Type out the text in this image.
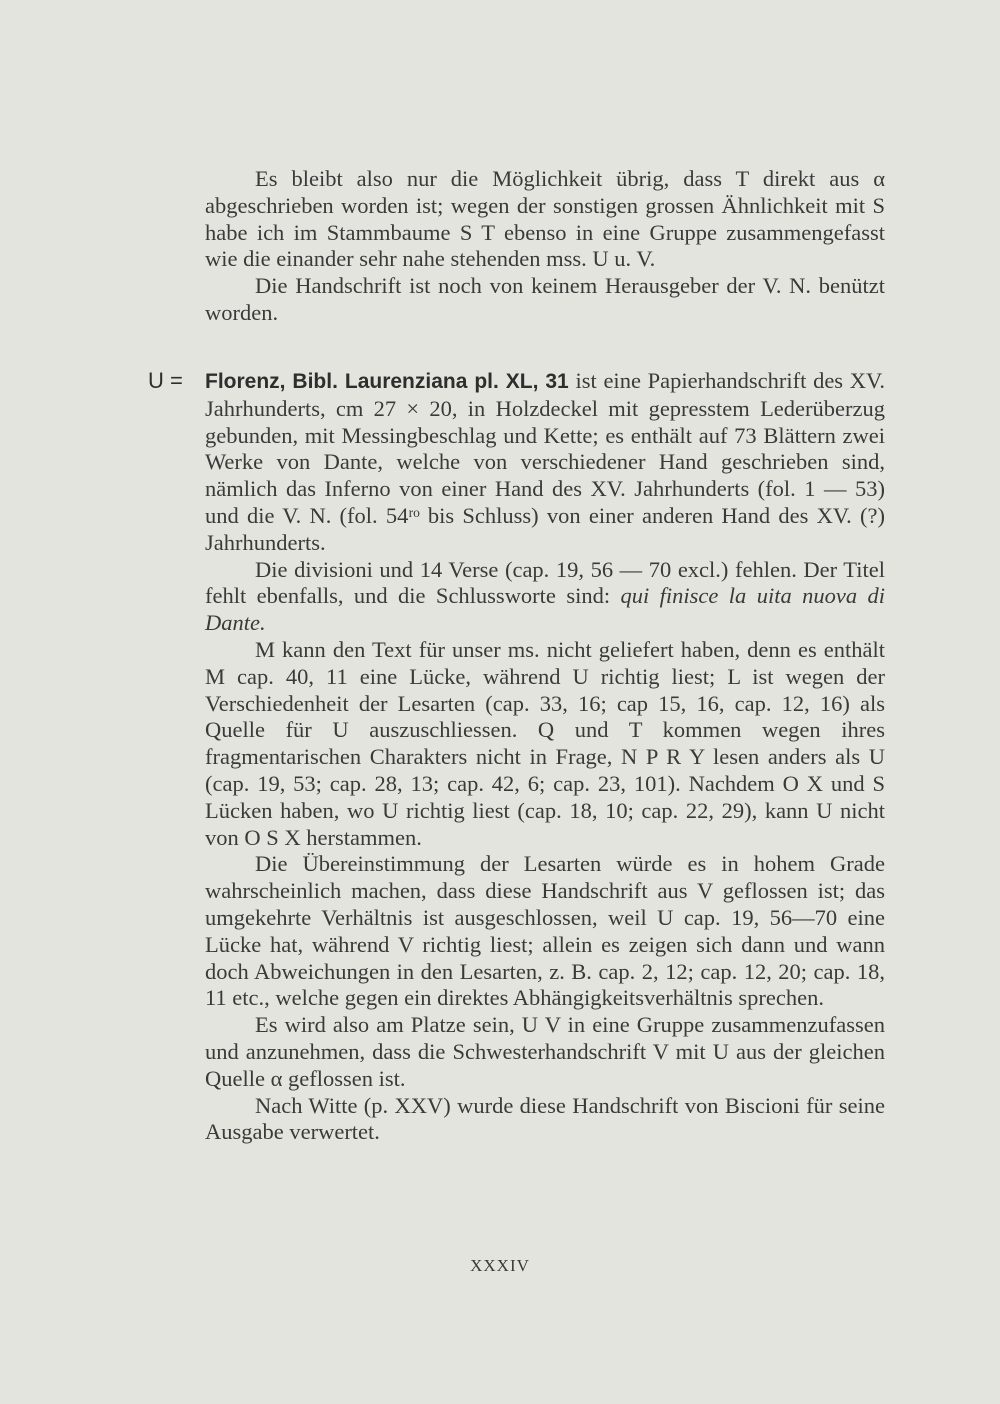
Es bleibt also nur die Möglichkeit übrig, dass T direkt aus α abgeschrieben worden ist; wegen der sonstigen grossen Ähnlichkeit mit S habe ich im Stammbaume S T ebenso in eine Gruppe zusammengefasst wie die einander sehr nahe stehenden mss. U u. V.

Die Handschrift ist noch von keinem Herausgeber der V. N. benützt worden.

U = Florenz, Bibl. Laurenziana pl. XL, 31 ist eine Papierhandschrift des XV. Jahrhunderts, cm 27 × 20, in Holzdeckel mit gepresstem Lederüberzug gebunden, mit Messingbeschlag und Kette; es enthält auf 73 Blättern zwei Werke von Dante, welche von verschiedener Hand geschrieben sind, nämlich das Inferno von einer Hand des XV. Jahrhunderts (fol. 1 — 53) und die V. N. (fol. 54ʳᵒ bis Schluss) von einer anderen Hand des XV. (?) Jahrhunderts.

Die divisioni und 14 Verse (cap. 19, 56 — 70 excl.) fehlen. Der Titel fehlt ebenfalls, und die Schlussworte sind: qui finisce la uita nuova di Dante.

M kann den Text für unser ms. nicht geliefert haben, denn es enthält M cap. 40, 11 eine Lücke, während U richtig liest; L ist wegen der Verschiedenheit der Lesarten (cap. 33, 16; cap 15, 16, cap. 12, 16) als Quelle für U auszuschliessen. Q und T kommen wegen ihres fragmentarischen Charakters nicht in Frage, N P R Y lesen anders als U (cap. 19, 53; cap. 28, 13; cap. 42, 6; cap. 23, 101). Nachdem O X und S Lücken haben, wo U richtig liest (cap. 18, 10; cap. 22, 29), kann U nicht von O S X herstammen.

Die Übereinstimmung der Lesarten würde es in hohem Grade wahrscheinlich machen, dass diese Handschrift aus V geflossen ist; das umgekehrte Verhältnis ist ausgeschlossen, weil U cap. 19, 56—70 eine Lücke hat, während V richtig liest; allein es zeigen sich dann und wann doch Abweichungen in den Lesarten, z. B. cap. 2, 12; cap. 12, 20; cap. 18, 11 etc., welche gegen ein direktes Abhängigkeitsverhältnis sprechen.

Es wird also am Platze sein, U V in eine Gruppe zusammenzufassen und anzunehmen, dass die Schwesterhandschrift V mit U aus der gleichen Quelle α geflossen ist.

Nach Witte (p. XXV) wurde diese Handschrift von Biscioni für seine Ausgabe verwertet.

XXXIV
